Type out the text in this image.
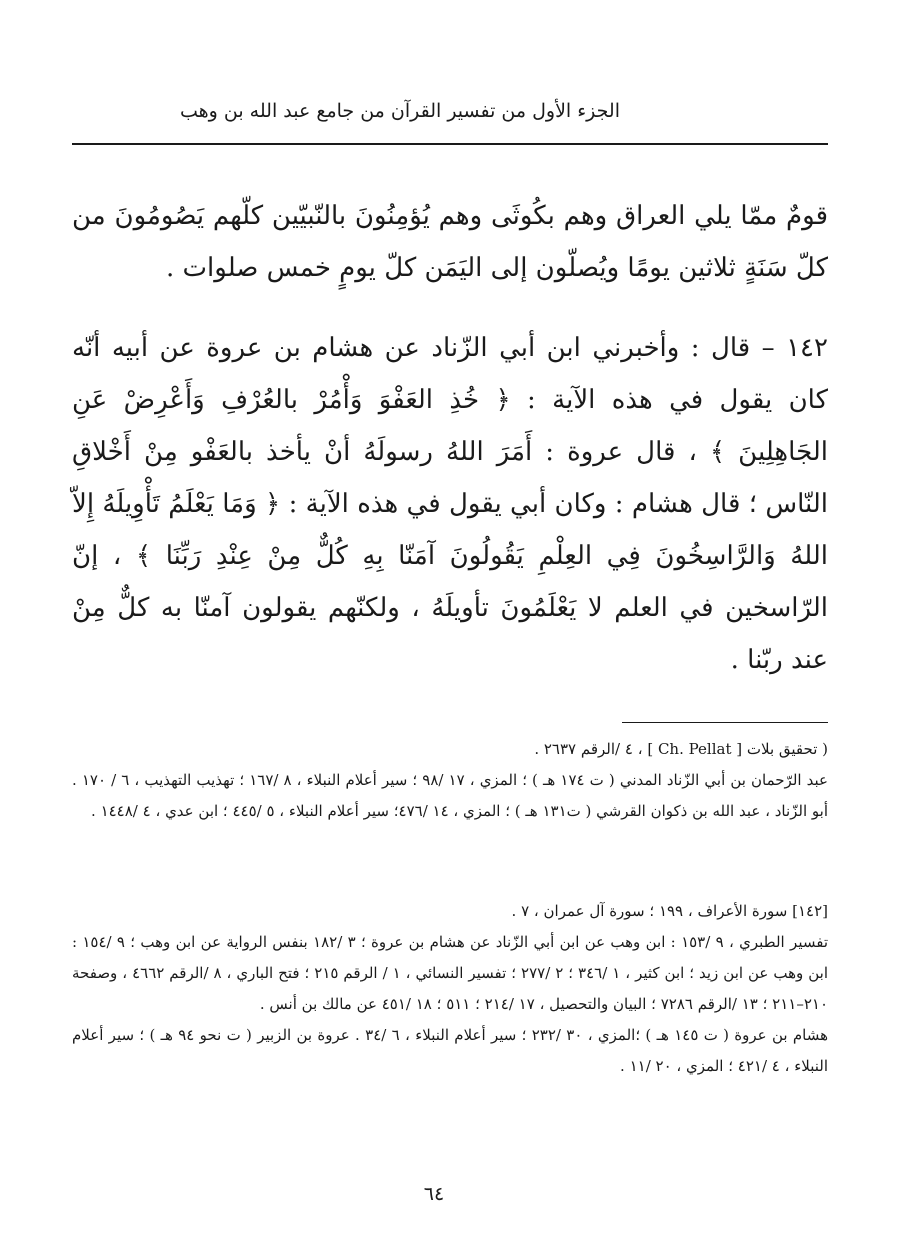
الجزء الأول من تفسير القرآن من جامع عبد الله بن وهب

قومٌ ممّا يلي العراق وهم بكُوثَى وهم يُؤمِنُونَ بالنّبيّين كلّهم يَصُومُونَ من كلّ سَنَةٍ ثلاثين يومًا ويُصلّون إلى اليَمَن كلّ يومٍ خمس صلوات .

١٤٢ – قال : وأخبرني ابن أبي الزّناد عن هشام بن عروة عن أبيه أنّه كان يقول في هذه الآية : ﴿ خُذِ العَفْوَ وَأْمُرْ بالعُرْفِ وَأَعْرِضْ عَنِ الجَاهِلِينَ ﴾ ، قال عروة : أَمَرَ اللهُ رسولَهُ أنْ يأخذ بالعَفْو مِنْ أَخْلاقِ النّاس ؛ قال هشام : وكان أبي يقول في هذه الآية : ﴿ وَمَا يَعْلَمُ تَأْوِيلَهُ إِلاّ اللهُ وَالرَّاسِخُونَ فِي العِلْمِ يَقُولُونَ آمَنّا بِهِ كُلٌّ مِنْ عِنْدِ رَبِّنَا ﴾ ، إنّ الرّاسخين في العلم لا يَعْلَمُونَ تأويلَهُ ، ولكنّهم يقولون آمنّا به كلٌّ مِنْ عند ربّنا .

( تحقيق بلات [ Ch. Pellat ] ، ٤ /الرقم ٢٦٣٧ .

عبد الرّحمان بن أبي الزّناد المدني ( ت ١٧٤ هـ ) ؛ المزي ، ١٧ /٩٨ ؛ سير أعلام النبلاء ، ٨ /١٦٧ ؛ تهذيب التهذيب ، ٦ / ١٧٠ . أبو الزّناد ، عبد الله بن ذكوان القرشي ( ت١٣١ هـ ) ؛ المزي ، ١٤ /٤٧٦؛ سير أعلام النبلاء ، ٥ /٤٤٥ ؛ ابن عدي ، ٤ /١٤٤٨ .

[١٤٢] سورة الأعراف ، ١٩٩ ؛ سورة آل عمران ، ٧ .

تفسير الطبري ، ٩ /١٥٣ : ابن وهب عن ابن أبي الزّناد عن هشام بن عروة ؛ ٣ /١٨٢ بنفس الرواية عن ابن وهب ؛ ٩ /١٥٤ : ابن وهب عن ابن زيد ؛ ابن كثير ، ١ /٣٤٦ ؛ ٢ /٢٧٧ ؛ تفسير النسائي ، ١ / الرقم ٢١٥ ؛ فتح الباري ، ٨ /الرقم ٤٦٦٢ ، وصفحة ٢١٠–٢١١ ؛ ١٣ /الرقم ٧٢٨٦ ؛ البيان والتحصيل ، ١٧ /٢١٤ ؛ ٥١١ ؛ ١٨ /٤٥١ عن مالك بن أنس .

هشام بن عروة ( ت ١٤٥ هـ ) ؛المزي ، ٣٠ /٢٣٢ ؛ سير أعلام النبلاء ، ٦ /٣٤ . عروة بن الزبير ( ت نحو ٩٤ هـ ) ؛ سير أعلام النبلاء ، ٤ /٤٢١ ؛ المزي ، ٢٠ /١١ .

٦٤
